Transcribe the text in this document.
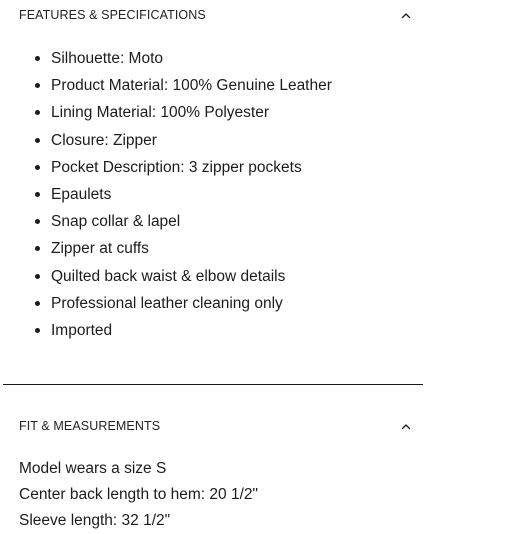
FEATURES & SPECIFICATIONS
Silhouette: Moto
Product Material: 100% Genuine Leather
Lining Material: 100% Polyester
Closure: Zipper
Pocket Description: 3 zipper pockets
Epaulets
Snap collar & lapel
Zipper at cuffs
Quilted back waist & elbow details
Professional leather cleaning only
Imported
FIT & MEASUREMENTS
Model wears a size S
Center back length to hem: 20 1/2"
Sleeve length: 32 1/2"
